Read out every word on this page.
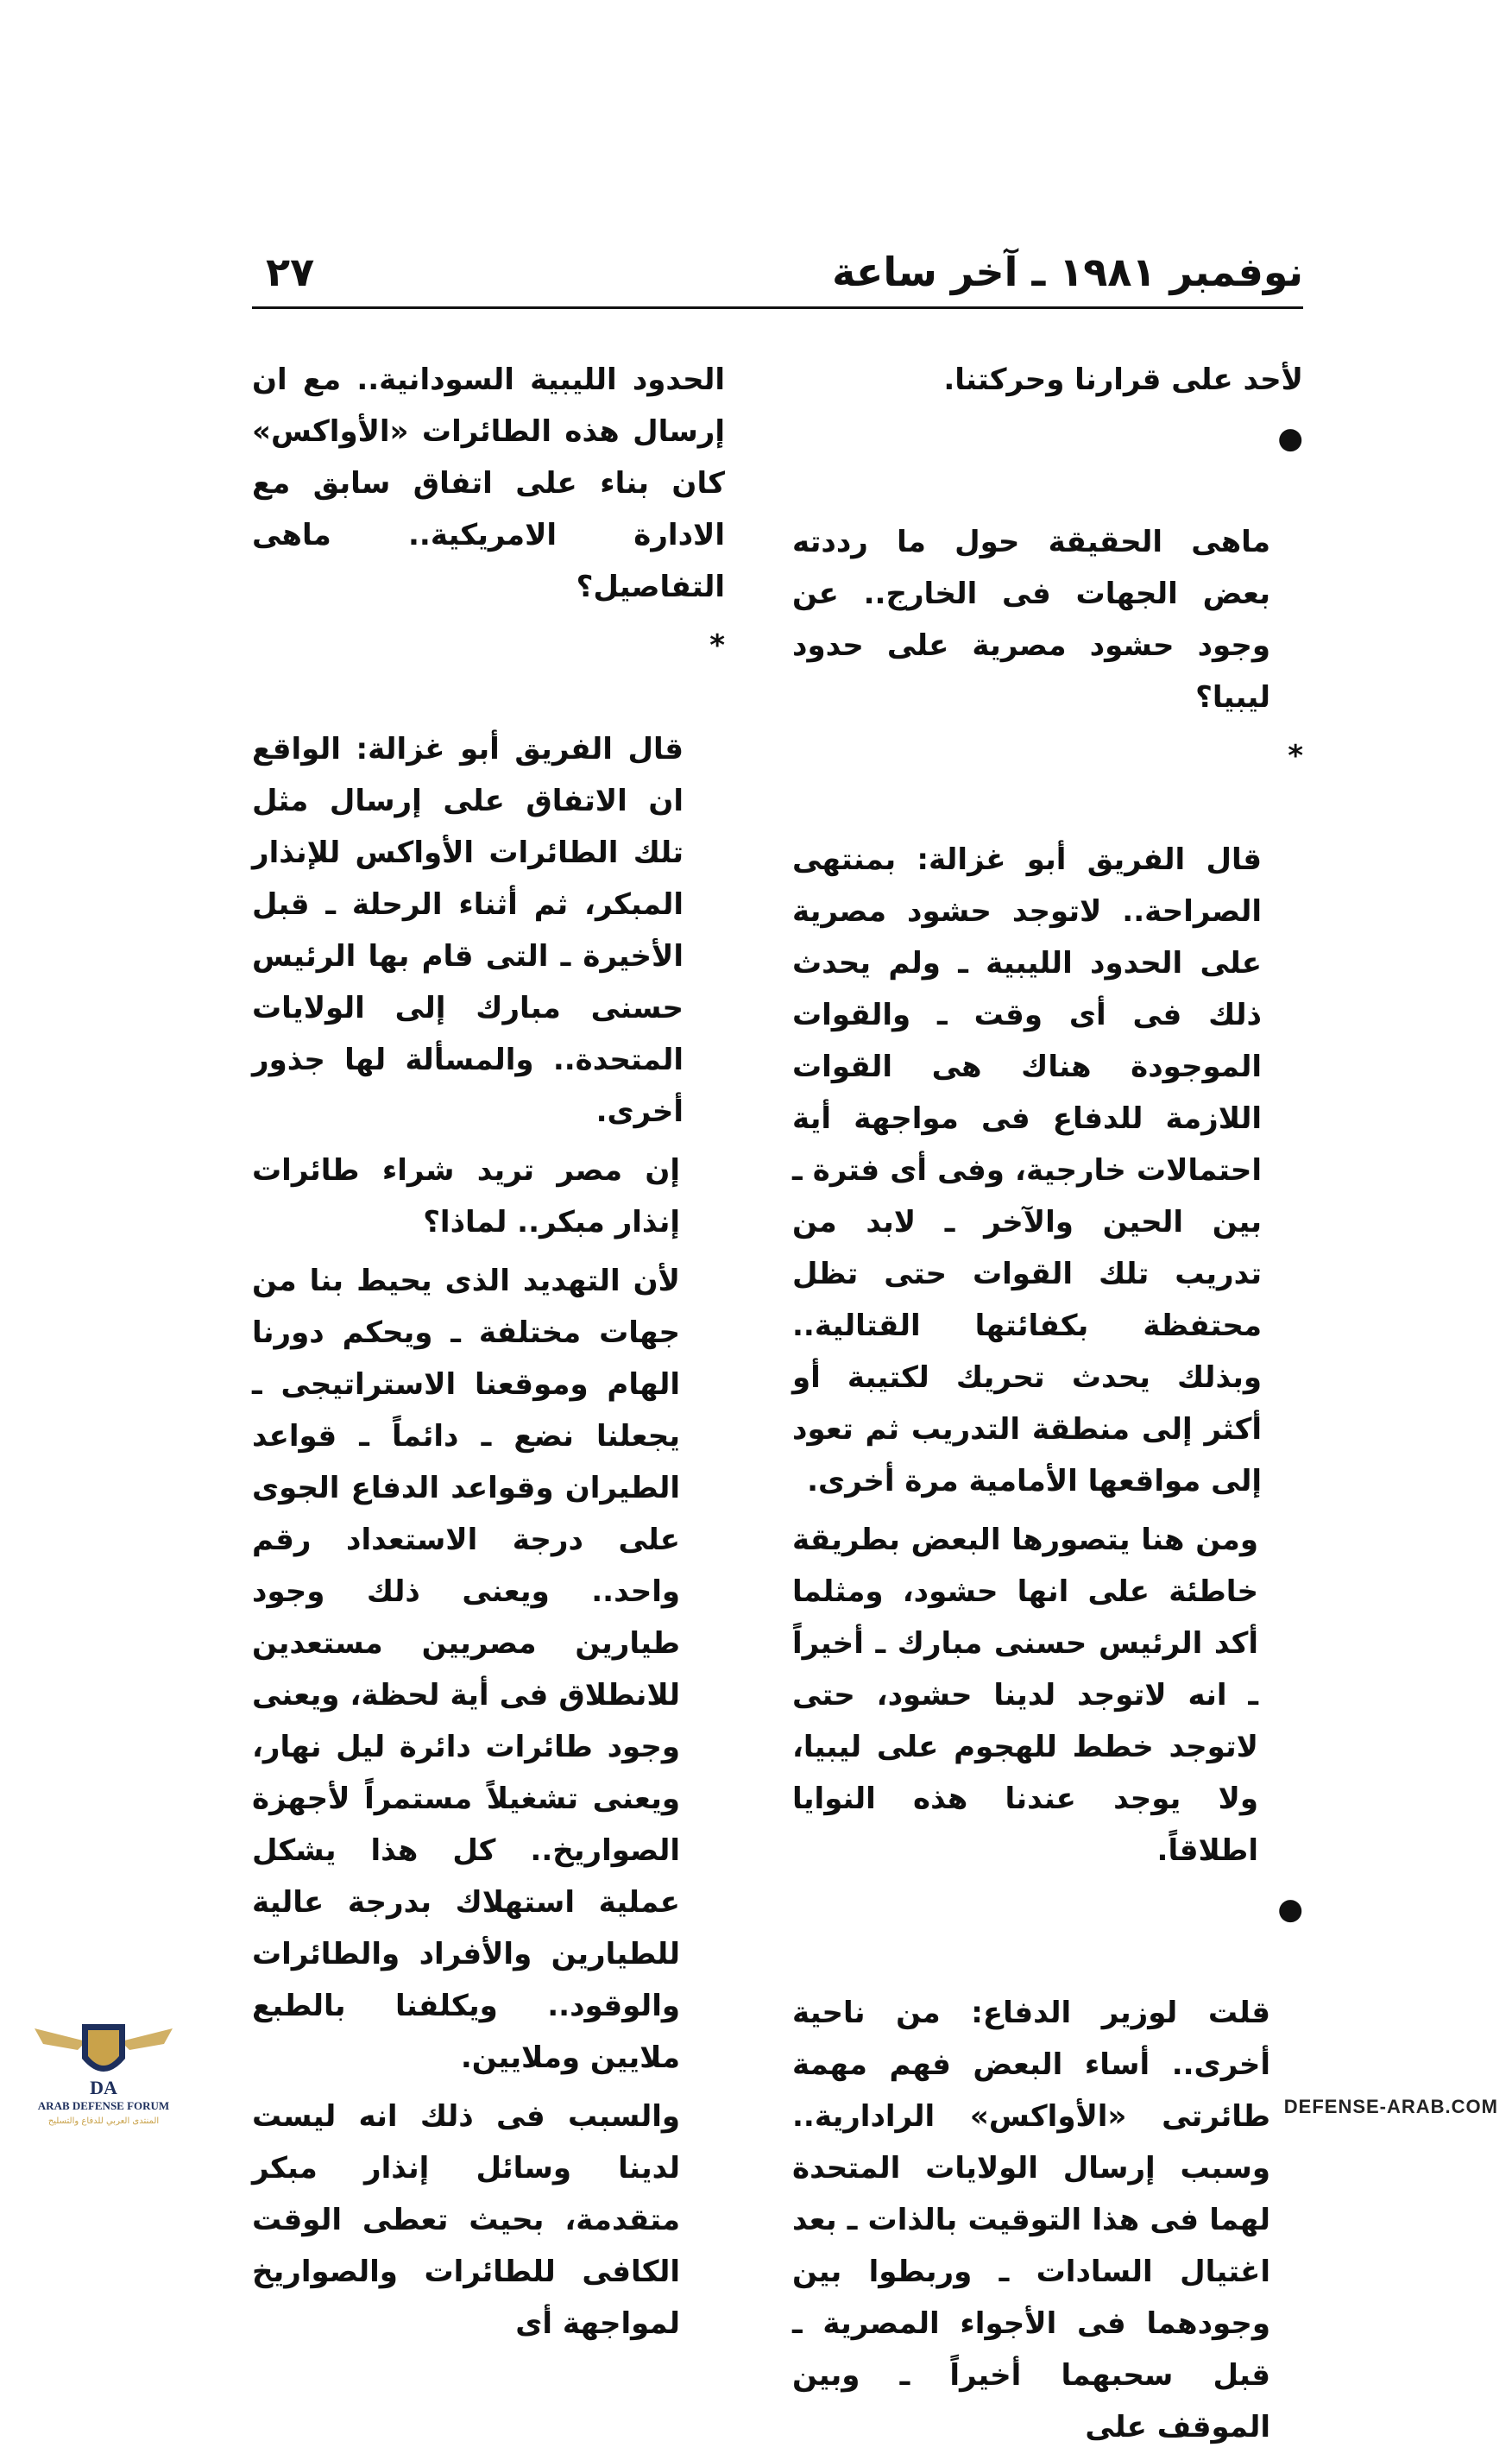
نوفمبر ١٩٨١ ـ آخر ساعة
٢٧

لأحد على قرارنا وحركتنا.

●

ماهى الحقيقة حول ما رددته بعض الجهات فى الخارج.. عن وجود حشود مصرية على حدود ليبيا؟

*

قال الفريق أبو غزالة: بمنتهى الصراحة.. لاتوجد حشود مصرية على الحدود الليبية ـ ولم يحدث ذلك فى أى وقت ـ والقوات الموجودة هناك هى القوات اللازمة للدفاع فى مواجهة أية احتمالات خارجية، وفى أى فترة ـ بين الحين والآخر ـ لابد من تدريب تلك القوات حتى تظل محتفظة بكفائتها القتالية.. وبذلك يحدث تحريك لكتيبة أو أكثر إلى منطقة التدريب ثم تعود إلى مواقعها الأمامية مرة أخرى.

ومن هنا يتصورها البعض بطريقة خاطئة على انها حشود، ومثلما أكد الرئيس حسنى مبارك ـ أخيراً ـ انه لاتوجد لدينا حشود، حتى لاتوجد خطط للهجوم على ليبيا، ولا يوجد عندنا هذه النوايا اطلاقاً.

●

قلت لوزير الدفاع: من ناحية أخرى.. أساء البعض فهم مهمة طائرتى «الأواكس» الرادارية.. وسبب إرسال الولايات المتحدة لهما فى هذا التوقيت بالذات ـ بعد اغتيال السادات ـ وربطوا بين وجودهما فى الأجواء المصرية ـ قبل سحبهما أخيراً ـ وبين الموقف على

الحدود الليبية السودانية.. مع ان إرسال هذه الطائرات «الأواكس» كان بناء على اتفاق سابق مع الادارة الامريكية.. ماهى التفاصيل؟

*

قال الفريق أبو غزالة: الواقع ان الاتفاق على إرسال مثل تلك الطائرات الأواكس للإنذار المبكر، ثم أثناء الرحلة ـ قبل الأخيرة ـ التى قام بها الرئيس حسنى مبارك إلى الولايات المتحدة.. والمسألة لها جذور أخرى.

إن مصر تريد شراء طائرات إنذار مبكر.. لماذا؟

لأن التهديد الذى يحيط بنا من جهات مختلفة ـ ويحكم دورنا الهام وموقعنا الاستراتيجى ـ يجعلنا نضع ـ دائماً ـ قواعد الطيران وقواعد الدفاع الجوى على درجة الاستعداد رقم واحد.. ويعنى ذلك وجود طيارين مصريين مستعدين للانطلاق فى أية لحظة، ويعنى وجود طائرات دائرة ليل نهار، ويعنى تشغيلاً مستمراً لأجهزة الصواريخ.. كل هذا يشكل عملية استهلاك بدرجة عالية للطيارين والأفراد والطائرات والوقود.. ويكلفنا بالطبع ملايين وملايين.

والسبب فى ذلك انه ليست لدينا وسائل إنذار مبكر متقدمة، بحيث تعطى الوقت الكافى للطائرات والصواريخ لمواجهة أى

DA
ARAB DEFENSE FORUM
المنتدى العربي للدفاع والتسليح
DEFENSE-ARAB.COM
